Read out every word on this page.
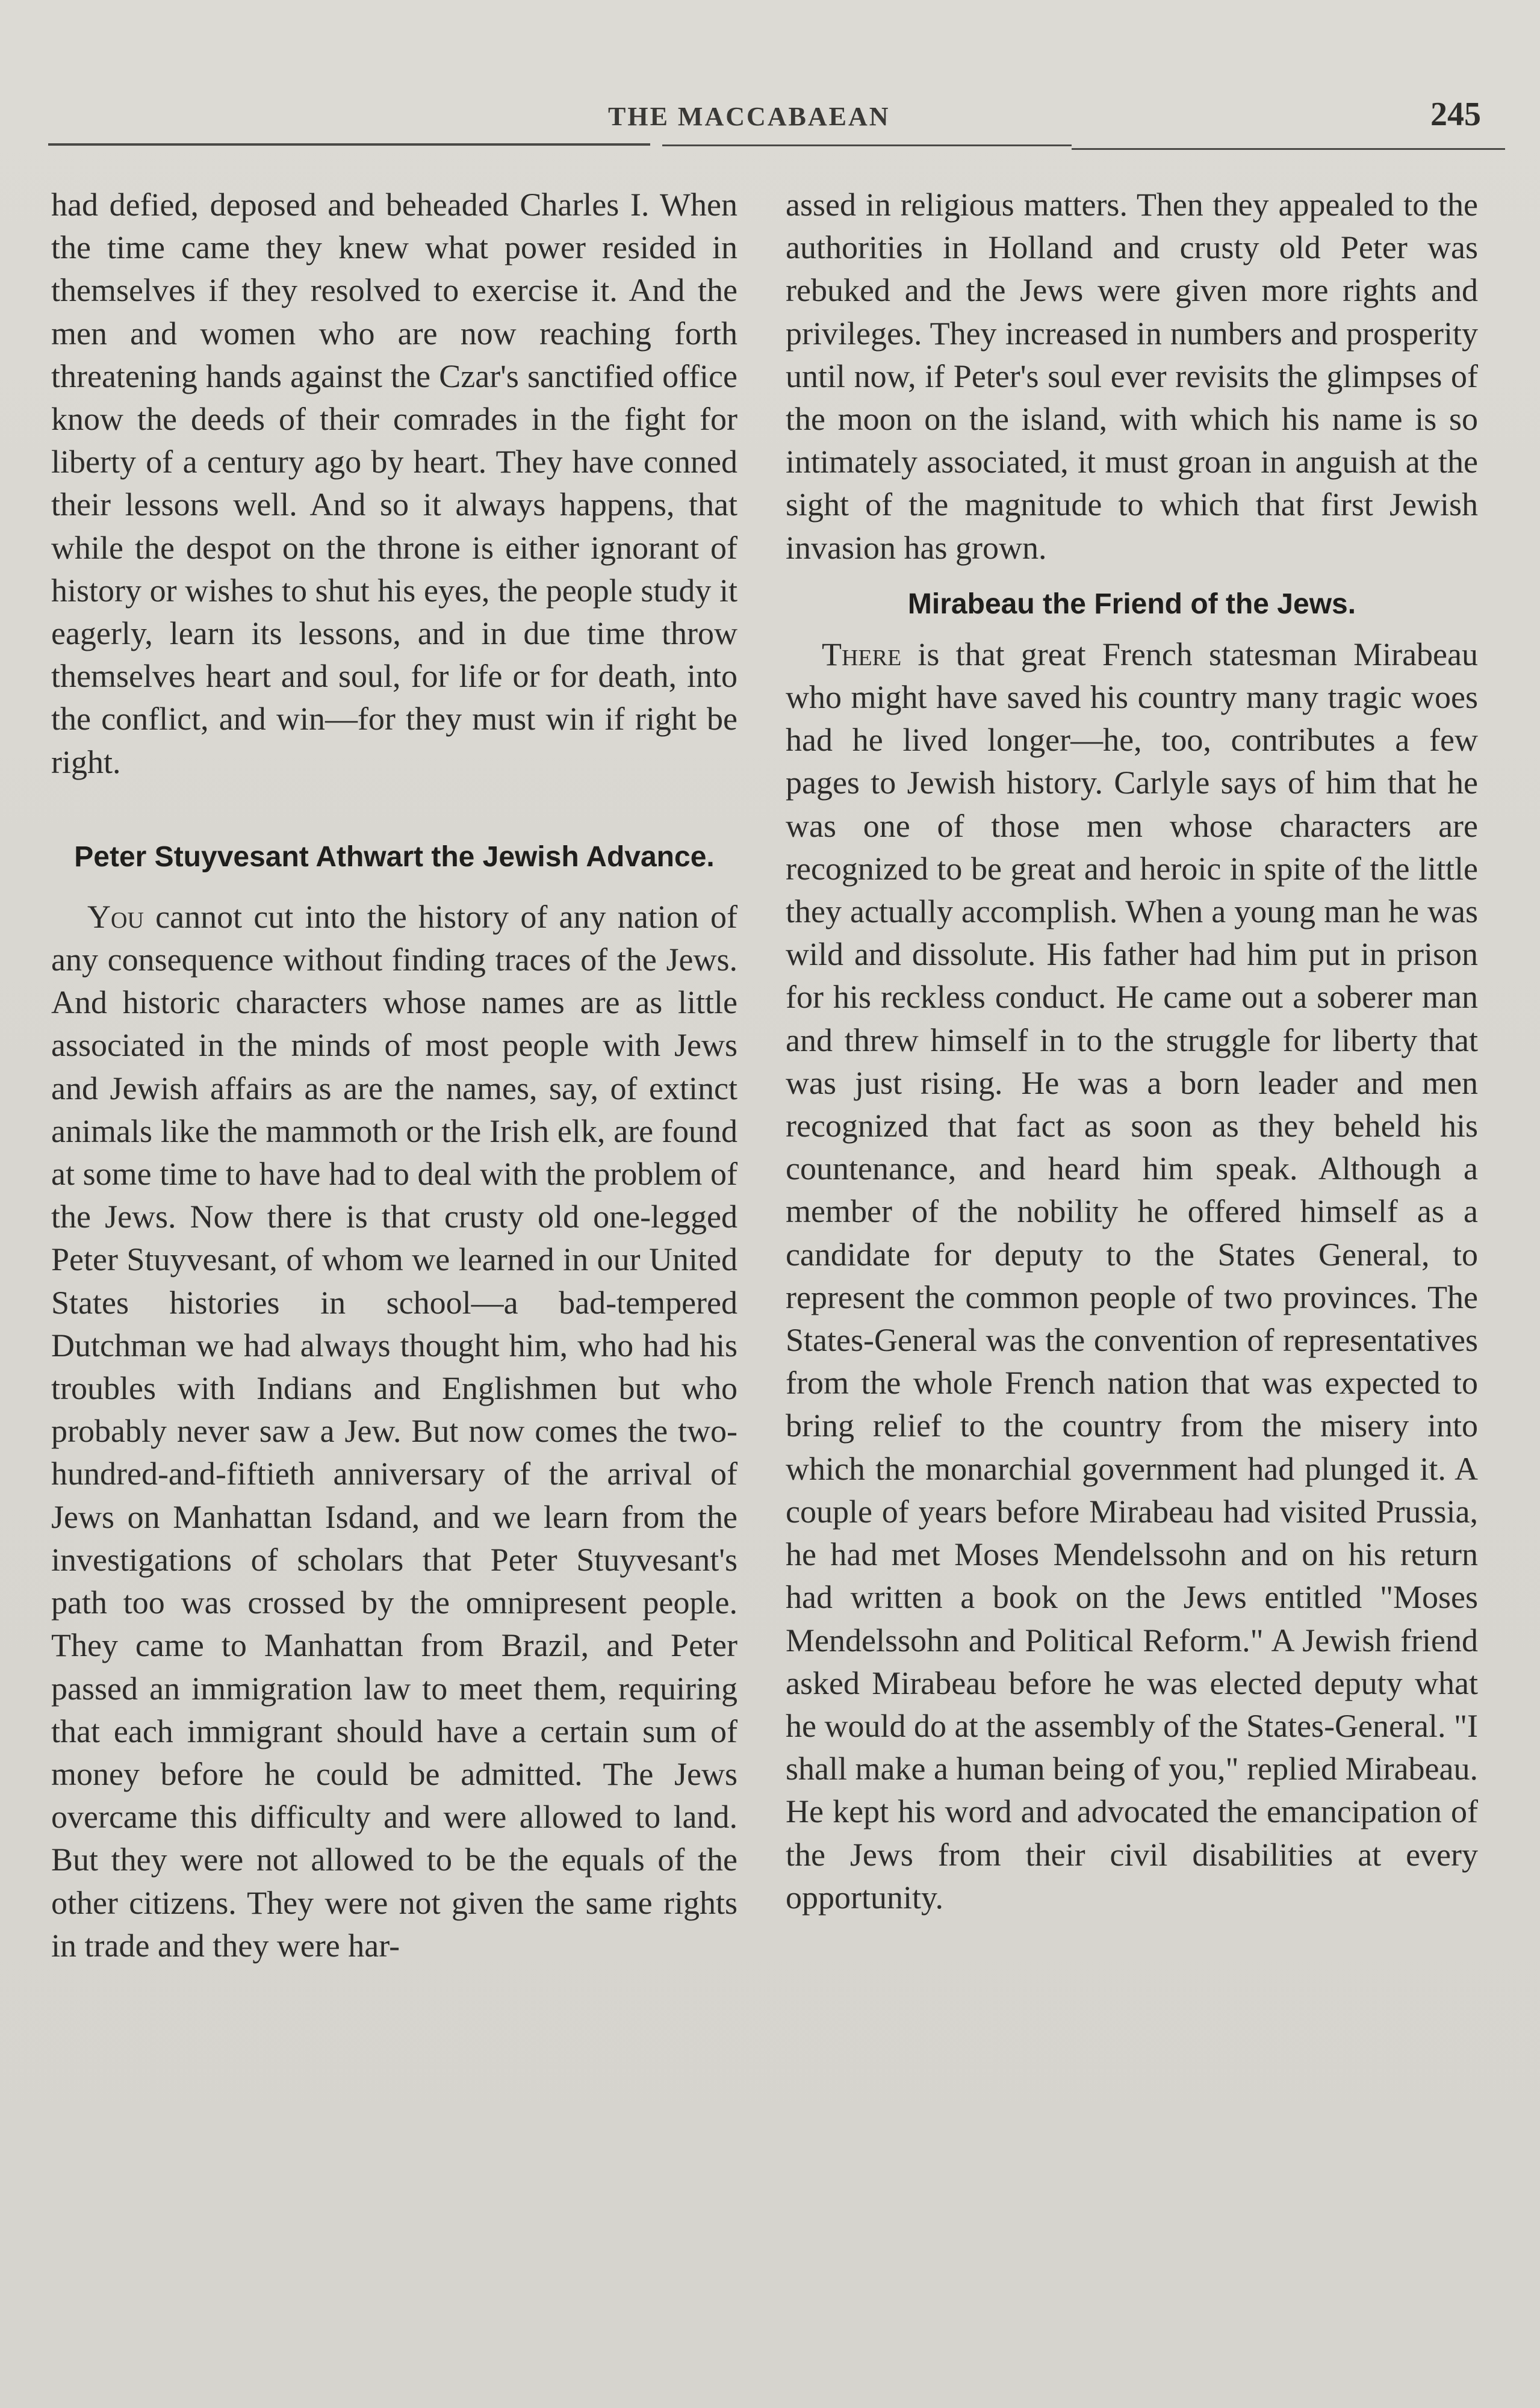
THE MACCABAEAN	245

had defied, deposed and beheaded Charles I. When the time came they knew what power resided in themselves if they resolved to exercise it. And the men and women who are now reaching forth threatening hands against the Czar's sanctified office know the deeds of their comrades in the fight for liberty of a century ago by heart. They have conned their lessons well. And so it always happens, that while the despot on the throne is either ignorant of history or wishes to shut his eyes, the people study it eagerly, learn its lessons, and in due time throw themselves heart and soul, for life or for death, into the conflict, and win—for they must win if right be right.

Peter Stuyvesant Athwart the Jewish Advance.

You cannot cut into the history of any nation of any consequence without finding traces of the Jews. And historic characters whose names are as little associated in the minds of most people with Jews and Jewish affairs as are the names, say, of extinct animals like the mammoth or the Irish elk, are found at some time to have had to deal with the problem of the Jews. Now there is that crusty old one-legged Peter Stuyvesant, of whom we learned in our United States histories in school—a bad-tempered Dutchman we had always thought him, who had his troubles with Indians and Englishmen but who probably never saw a Jew. But now comes the two-hundred-and-fiftieth anniversary of the arrival of Jews on Manhattan Isdand, and we learn from the investigations of scholars that Peter Stuyvesant's path too was crossed by the omnipresent people. They came to Manhattan from Brazil, and Peter passed an immigration law to meet them, requiring that each immigrant should have a certain sum of money before he could be admitted. The Jews overcame this difficulty and were allowed to land. But they were not allowed to be the equals of the other citizens. They were not given the same rights in trade and they were har-

assed in religious matters. Then they appealed to the authorities in Holland and crusty old Peter was rebuked and the Jews were given more rights and privileges. They increased in numbers and prosperity until now, if Peter's soul ever revisits the glimpses of the moon on the island, with which his name is so intimately associated, it must groan in anguish at the sight of the magnitude to which that first Jewish invasion has grown.

Mirabeau the Friend of the Jews.

There is that great French statesman Mirabeau who might have saved his country many tragic woes had he lived longer—he, too, contributes a few pages to Jewish history. Carlyle says of him that he was one of those men whose characters are recognized to be great and heroic in spite of the little they actually accomplish. When a young man he was wild and dissolute. His father had him put in prison for his reckless conduct. He came out a soberer man and threw himself in to the struggle for liberty that was just rising. He was a born leader and men recognized that fact as soon as they beheld his countenance, and heard him speak. Although a member of the nobility he offered himself as a candidate for deputy to the States General, to represent the common people of two provinces. The States-General was the convention of representatives from the whole French nation that was expected to bring relief to the country from the misery into which the monarchial government had plunged it. A couple of years before Mirabeau had visited Prussia, he had met Moses Mendelssohn and on his return had written a book on the Jews entitled "Moses Mendelssohn and Political Reform." A Jewish friend asked Mirabeau before he was elected deputy what he would do at the assembly of the States-General. "I shall make a human being of you," replied Mirabeau. He kept his word and advocated the emancipation of the Jews from their civil disabilities at every opportunity.
